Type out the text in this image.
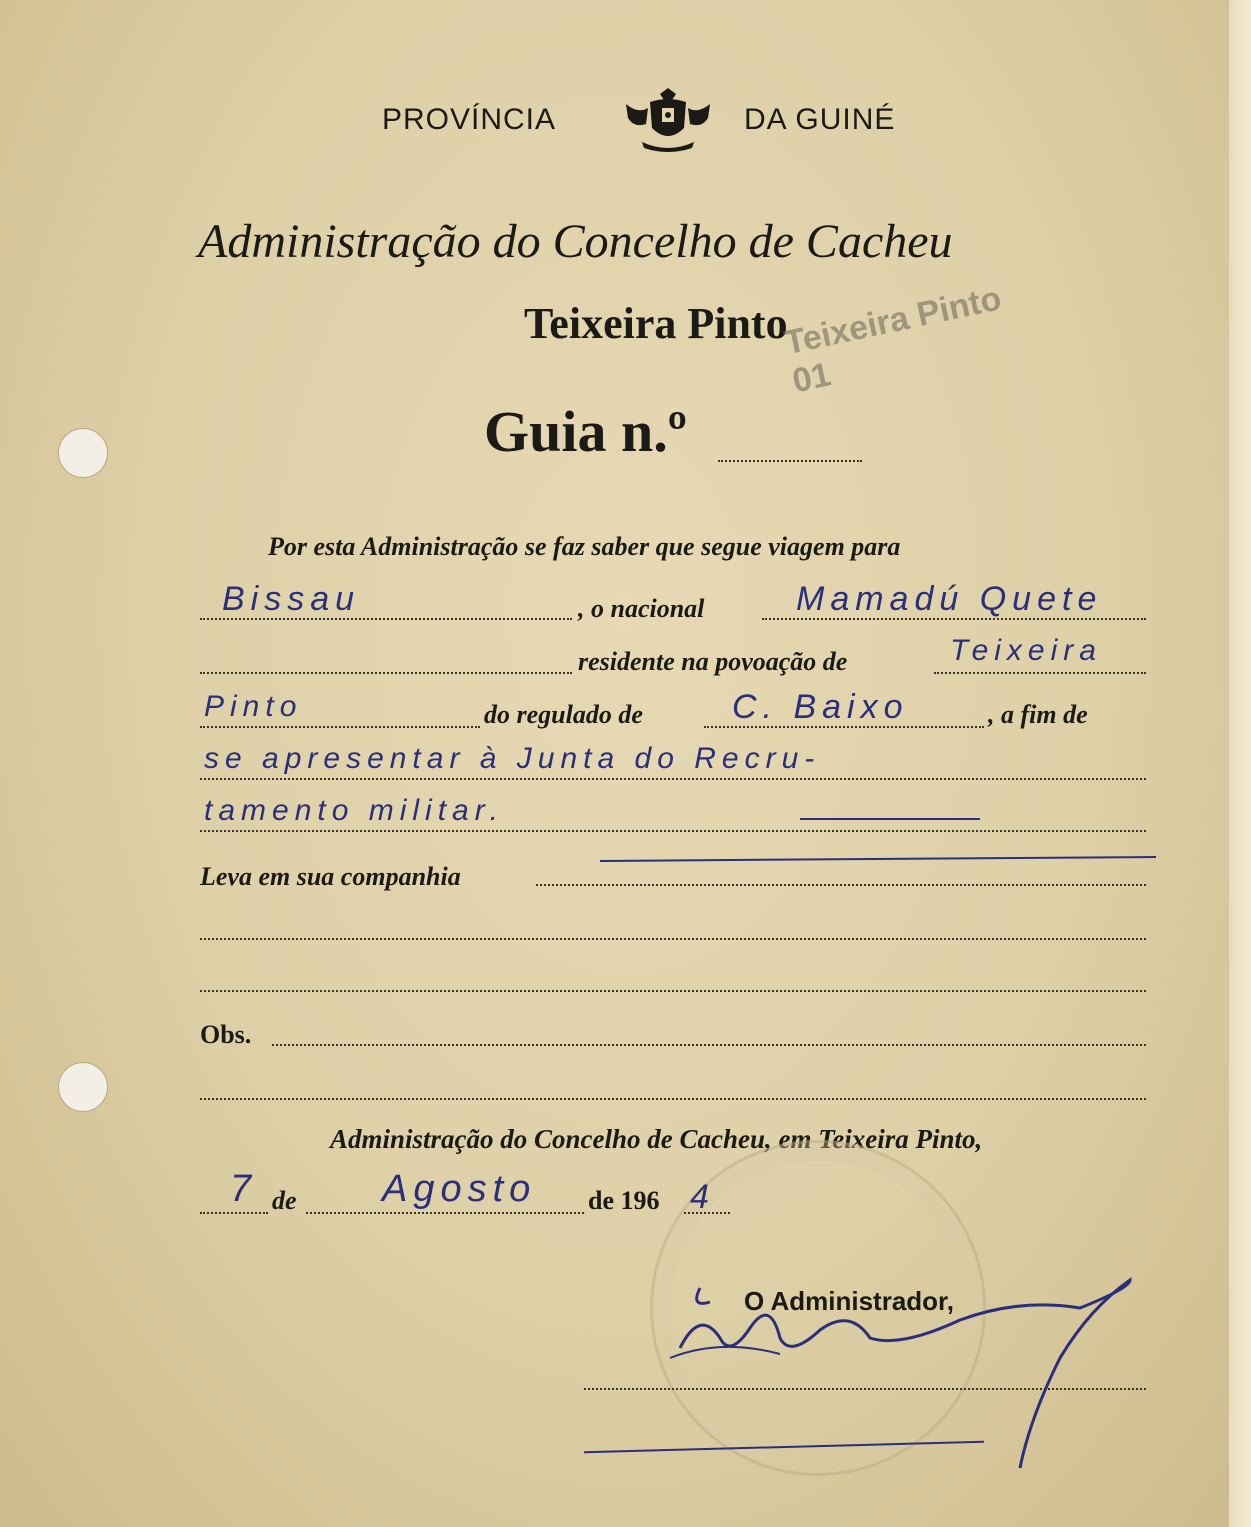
PROVÍNCIA	DA GUINÉ
Administração do Concelho de Cacheu
Teixeira Pinto
Teixeira Pinto 01
Guia n.º
Por esta Administração se faz saber que segue viagem para
Bissau	, o nacional	Mamadú Quete
residente na povoação de	Teixeira
Pinto	do regulado de	C. Baixo	, a fim de
se apresentar à Junta do Recru-
tamento militar.
Leva em sua companhia
Obs.
Administração do Concelho de Cacheu, em Teixeira Pinto,
7 de Agosto de 196 4
O Administrador,
